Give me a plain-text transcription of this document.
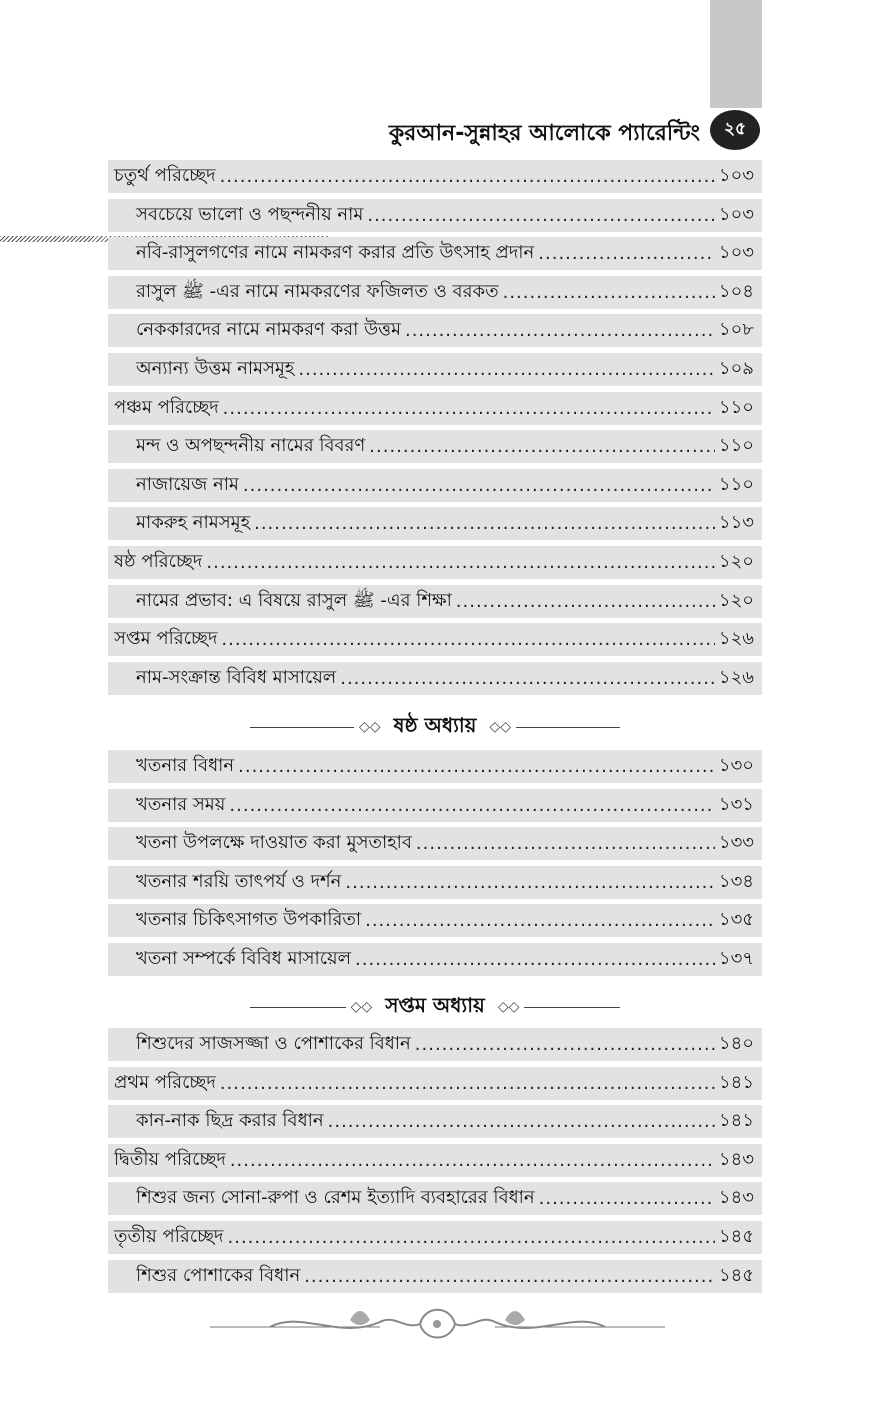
কুরআন-সুন্নাহর আলোকে প্যারেন্টিং	২৫
চতুর্থ পরিচ্ছেদ .....	১০৩
সবচেয়ে ভালো ও পছন্দনীয় নাম .....	১০৩
নবি-রাসুলগণের নামে নামকরণ করার প্রতি উৎসাহ প্রদান .....	১০৩
রাসুল ﷺ -এর নামে নামকরণের ফজিলত ও বরকত .....	১০৪
নেককারদের নামে নামকরণ করা উত্তম .....	১০৮
অন্যান্য উত্তম নামসমূহ .....	১০৯
পঞ্চম পরিচ্ছেদ .....	১১০
মন্দ ও অপছন্দনীয় নামের বিবরণ .....	১১০
নাজায়েজ নাম .....	১১০
মাকরুহ নামসমূহ .....	১১৩
ষষ্ঠ পরিচ্ছেদ .....	১২০
নামের প্রভাব: এ বিষয়ে রাসুল ﷺ -এর শিক্ষা .....	১২০
সপ্তম পরিচ্ছেদ .....	১২৬
নাম-সংক্রান্ত বিবিধ মাসায়েল .....	১২৬
◇◇ ষষ্ঠ অধ্যায় ◇◇
খতনার বিধান .....	১৩০
খতনার সময় .....	১৩১
খতনা উপলক্ষে দাওয়াত করা মুসতাহাব .....	১৩৩
খতনার শরয়ি তাৎপর্য ও দর্শন .....	১৩৪
খতনার চিকিৎসাগত উপকারিতা .....	১৩৫
খতনা সম্পর্কে বিবিধ মাসায়েল .....	১৩৭
◇◇ সপ্তম অধ্যায় ◇◇
শিশুদের সাজসজ্জা ও পোশাকের বিধান .....	১৪০
প্রথম পরিচ্ছেদ .....	১৪১
কান-নাক ছিদ্র করার বিধান .....	১৪১
দ্বিতীয় পরিচ্ছেদ .....	১৪৩
শিশুর জন্য সোনা-রুপা ও রেশম ইত্যাদি ব্যবহারের বিধান .....	১৪৩
তৃতীয় পরিচ্ছেদ .....	১৪৫
শিশুর পোশাকের বিধান .....	১৪৫
